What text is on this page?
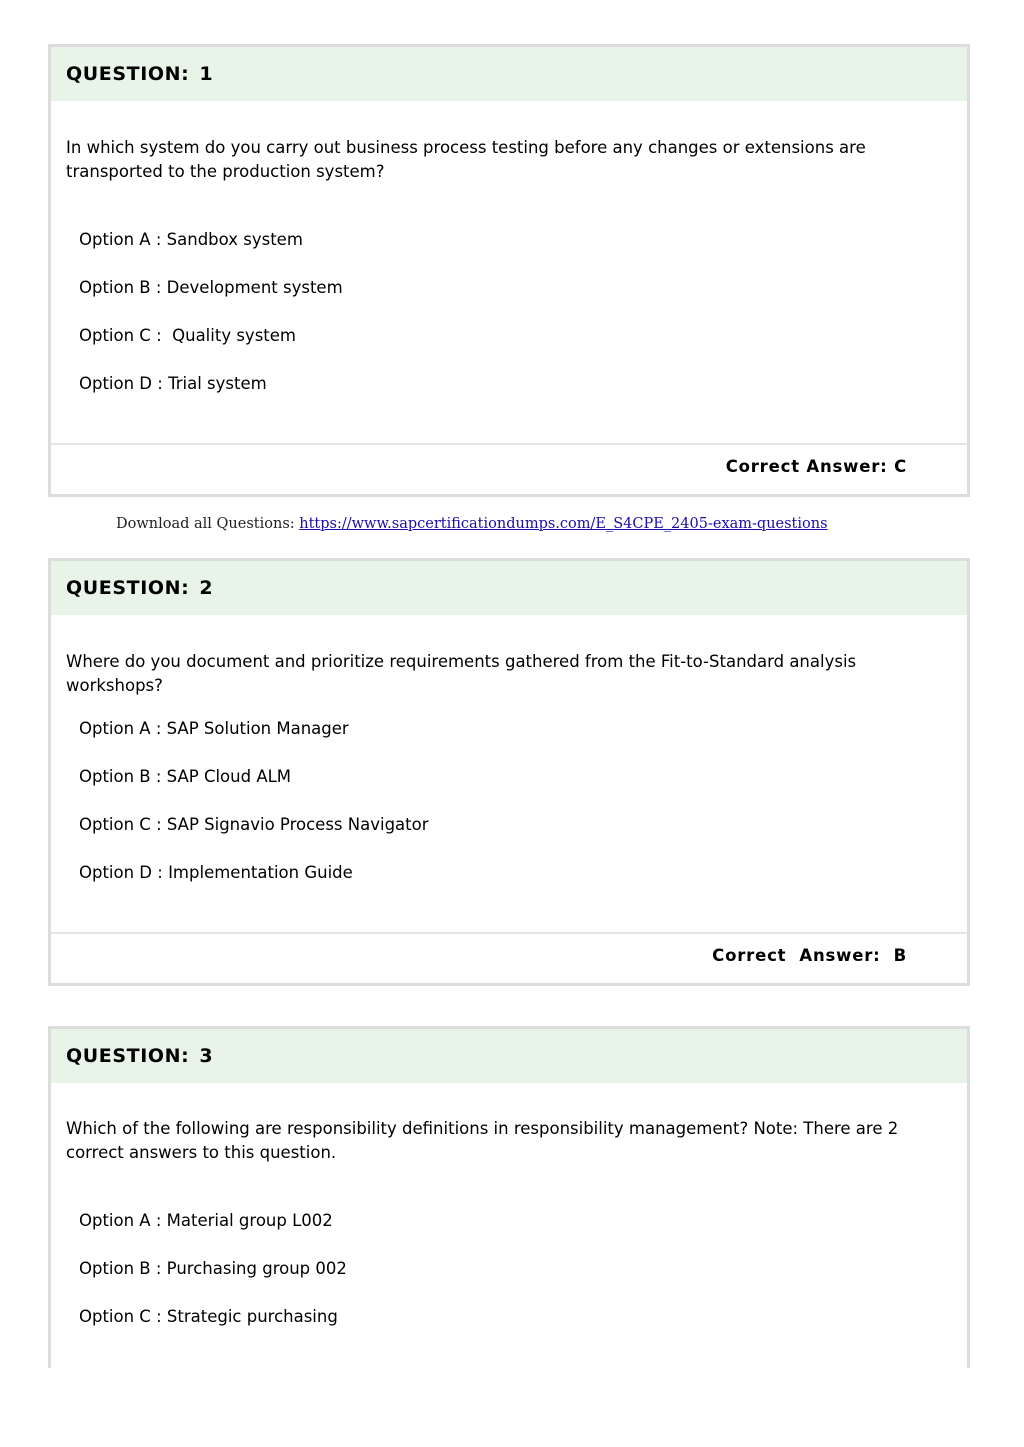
QUESTION: 1
In which system do you carry out business process testing before any changes or extensions are transported to the production system?
Option A : Sandbox system
Option B : Development system
Option C :  Quality system
Option D : Trial system
Correct Answer: C
Download all Questions: https://www.sapcertificationdumps.com/E_S4CPE_2405-exam-questions
QUESTION: 2
Where do you document and prioritize requirements gathered from the Fit-to-Standard analysis workshops?
Option A : SAP Solution Manager
Option B : SAP Cloud ALM
Option C : SAP Signavio Process Navigator
Option D : Implementation Guide
Correct  Answer:  B
QUESTION: 3
Which of the following are responsibility definitions in responsibility management? Note: There are 2 correct answers to this question.
Option A : Material group L002
Option B : Purchasing group 002
Option C : Strategic purchasing
